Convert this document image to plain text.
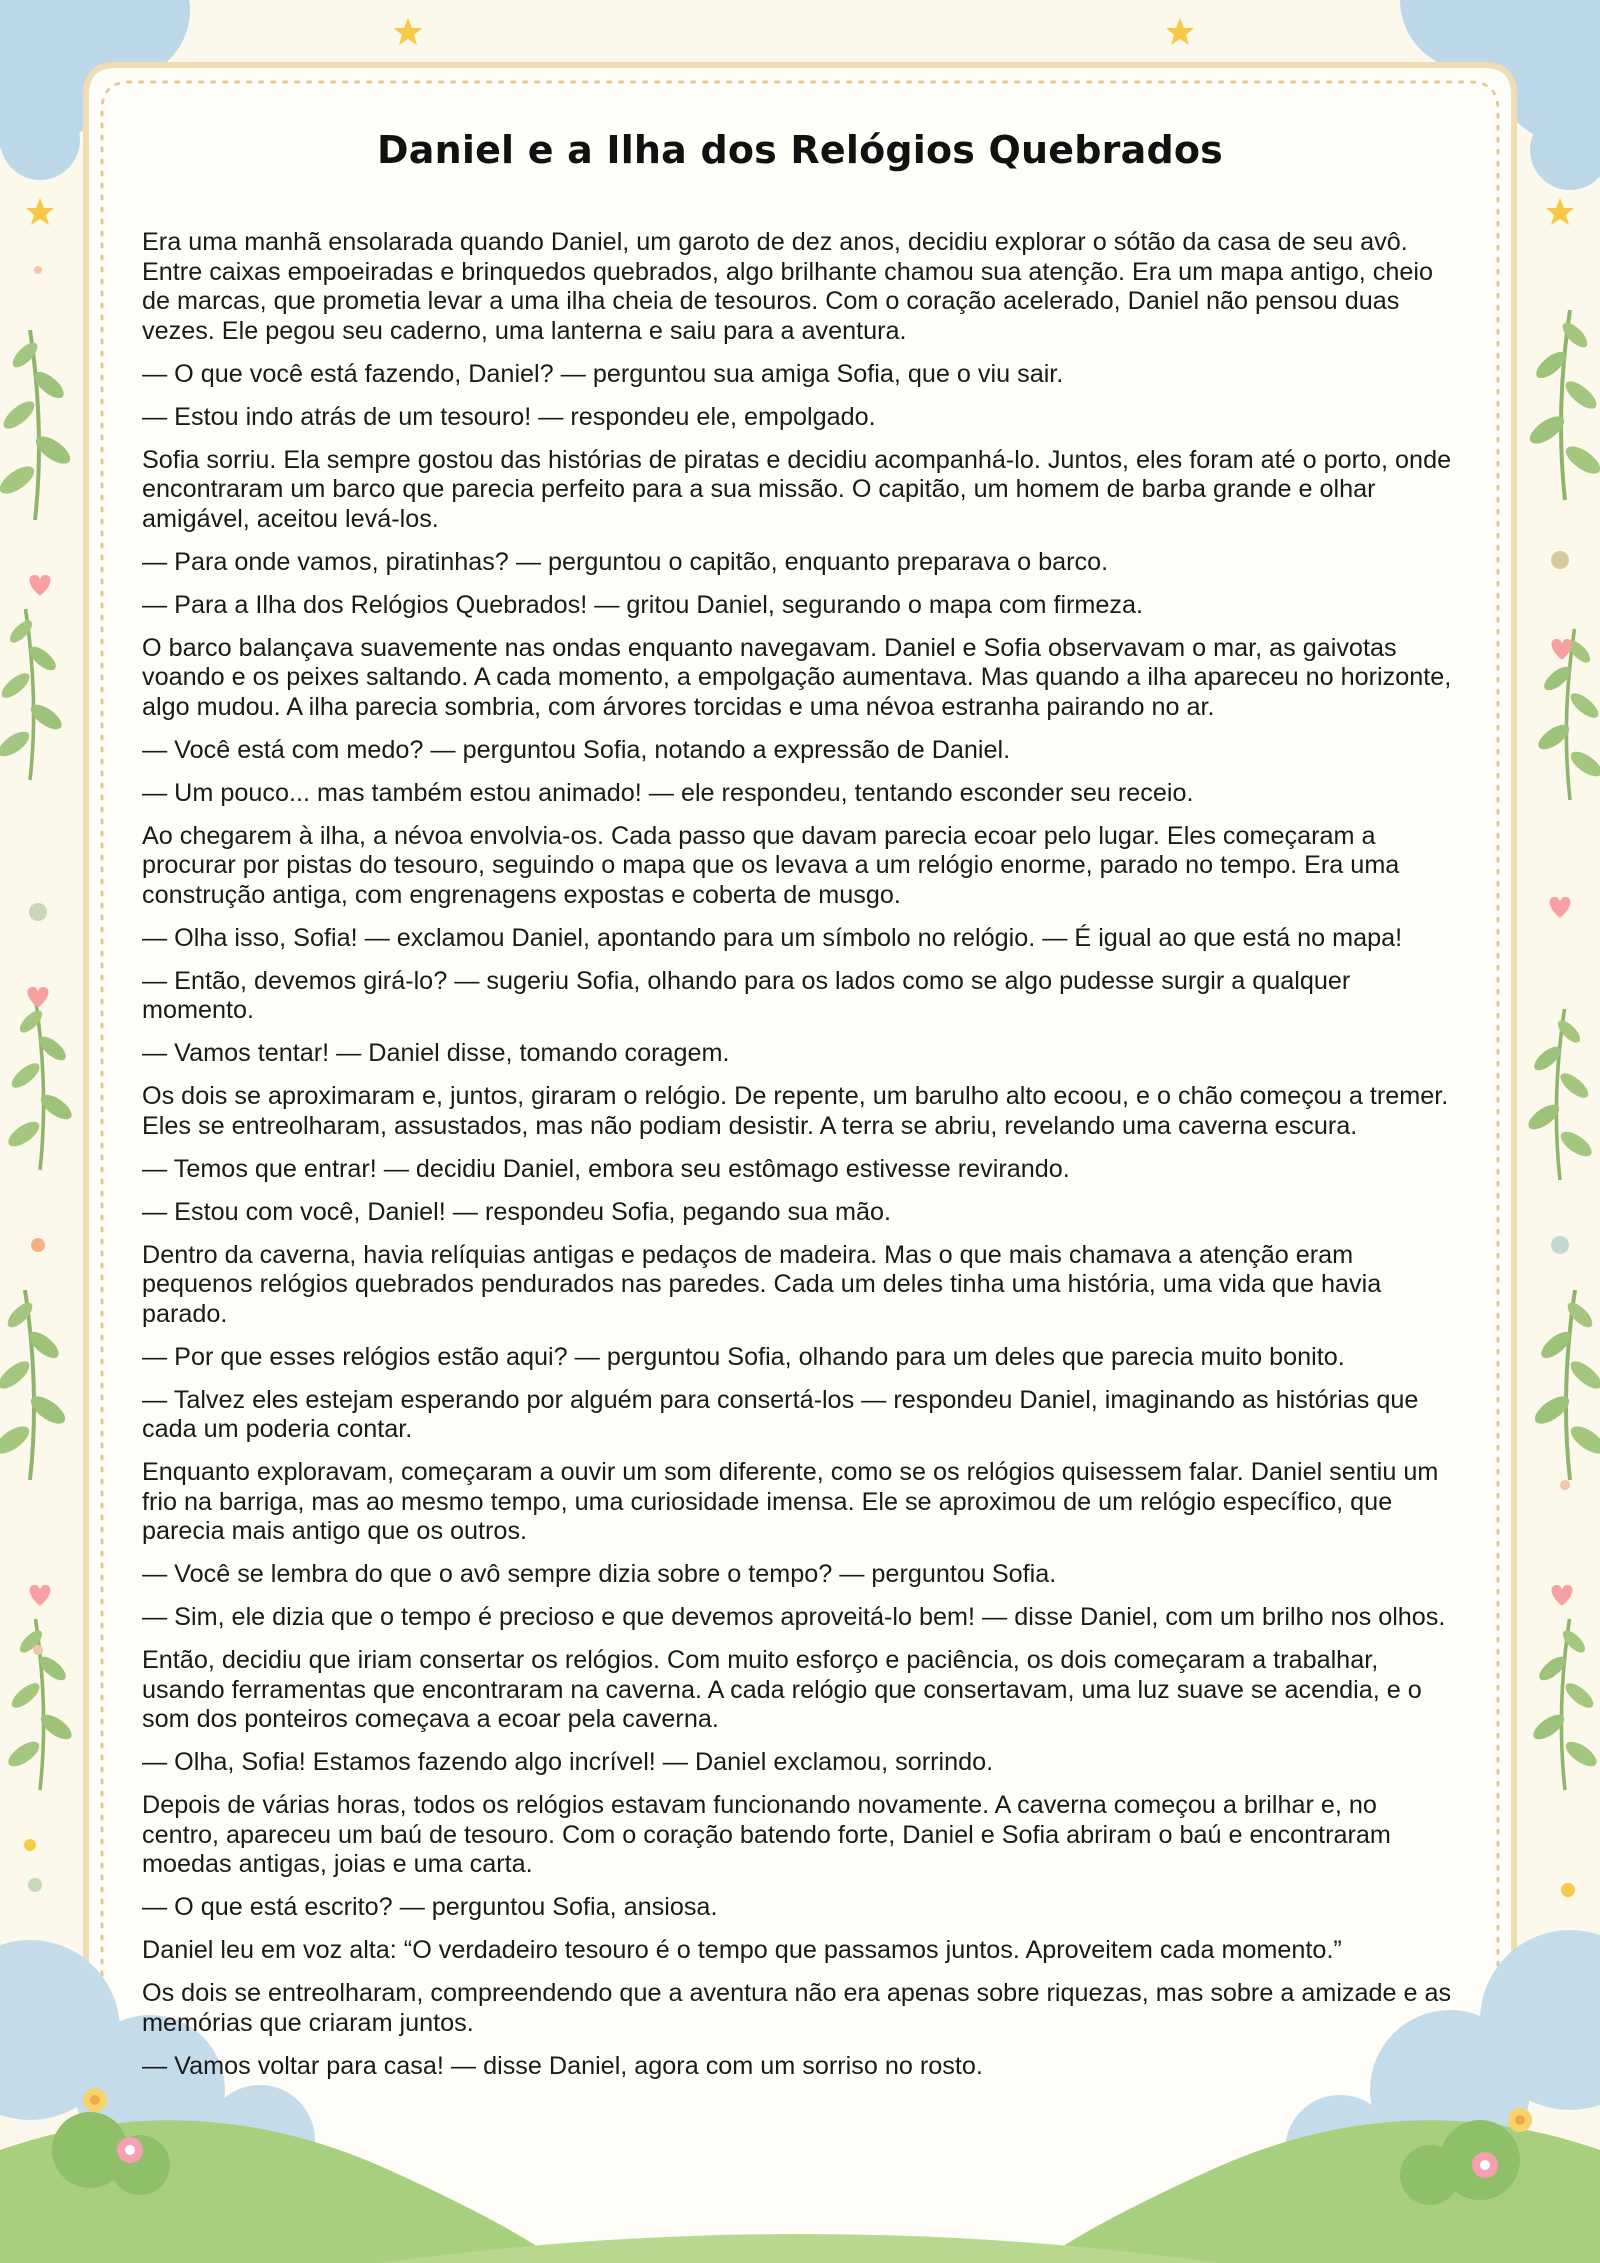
Daniel e a Ilha dos Relógios Quebrados

Era uma manhã ensolarada quando Daniel, um garoto de dez anos, decidiu explorar o sótão da casa de seu avô. Entre caixas empoeiradas e brinquedos quebrados, algo brilhante chamou sua atenção. Era um mapa antigo, cheio de marcas, que prometia levar a uma ilha cheia de tesouros. Com o coração acelerado, Daniel não pensou duas vezes. Ele pegou seu caderno, uma lanterna e saiu para a aventura.

— O que você está fazendo, Daniel? — perguntou sua amiga Sofia, que o viu sair.

— Estou indo atrás de um tesouro! — respondeu ele, empolgado.

Sofia sorriu. Ela sempre gostou das histórias de piratas e decidiu acompanhá-lo. Juntos, eles foram até o porto, onde encontraram um barco que parecia perfeito para a sua missão. O capitão, um homem de barba grande e olhar amigável, aceitou levá-los.

— Para onde vamos, piratinhas? — perguntou o capitão, enquanto preparava o barco.

— Para a Ilha dos Relógios Quebrados! — gritou Daniel, segurando o mapa com firmeza.

O barco balançava suavemente nas ondas enquanto navegavam. Daniel e Sofia observavam o mar, as gaivotas voando e os peixes saltando. A cada momento, a empolgação aumentava. Mas quando a ilha apareceu no horizonte, algo mudou. A ilha parecia sombria, com árvores torcidas e uma névoa estranha pairando no ar.

— Você está com medo? — perguntou Sofia, notando a expressão de Daniel.

— Um pouco... mas também estou animado! — ele respondeu, tentando esconder seu receio.

Ao chegarem à ilha, a névoa envolvia-os. Cada passo que davam parecia ecoar pelo lugar. Eles começaram a procurar por pistas do tesouro, seguindo o mapa que os levava a um relógio enorme, parado no tempo. Era uma construção antiga, com engrenagens expostas e coberta de musgo.

— Olha isso, Sofia! — exclamou Daniel, apontando para um símbolo no relógio. — É igual ao que está no mapa!

— Então, devemos girá-lo? — sugeriu Sofia, olhando para os lados como se algo pudesse surgir a qualquer momento.

— Vamos tentar! — Daniel disse, tomando coragem.

Os dois se aproximaram e, juntos, giraram o relógio. De repente, um barulho alto ecoou, e o chão começou a tremer. Eles se entreolharam, assustados, mas não podiam desistir. A terra se abriu, revelando uma caverna escura.

— Temos que entrar! — decidiu Daniel, embora seu estômago estivesse revirando.

— Estou com você, Daniel! — respondeu Sofia, pegando sua mão.

Dentro da caverna, havia relíquias antigas e pedaços de madeira. Mas o que mais chamava a atenção eram pequenos relógios quebrados pendurados nas paredes. Cada um deles tinha uma história, uma vida que havia parado.

— Por que esses relógios estão aqui? — perguntou Sofia, olhando para um deles que parecia muito bonito.

— Talvez eles estejam esperando por alguém para consertá-los — respondeu Daniel, imaginando as histórias que cada um poderia contar.

Enquanto exploravam, começaram a ouvir um som diferente, como se os relógios quisessem falar. Daniel sentiu um frio na barriga, mas ao mesmo tempo, uma curiosidade imensa. Ele se aproximou de um relógio específico, que parecia mais antigo que os outros.

— Você se lembra do que o avô sempre dizia sobre o tempo? — perguntou Sofia.

— Sim, ele dizia que o tempo é precioso e que devemos aproveitá-lo bem! — disse Daniel, com um brilho nos olhos.

Então, decidiu que iriam consertar os relógios. Com muito esforço e paciência, os dois começaram a trabalhar, usando ferramentas que encontraram na caverna. A cada relógio que consertavam, uma luz suave se acendia, e o som dos ponteiros começava a ecoar pela caverna.

— Olha, Sofia! Estamos fazendo algo incrível! — Daniel exclamou, sorrindo.

Depois de várias horas, todos os relógios estavam funcionando novamente. A caverna começou a brilhar e, no centro, apareceu um baú de tesouro. Com o coração batendo forte, Daniel e Sofia abriram o baú e encontraram moedas antigas, joias e uma carta.

— O que está escrito? — perguntou Sofia, ansiosa.

Daniel leu em voz alta: “O verdadeiro tesouro é o tempo que passamos juntos. Aproveitem cada momento.”

Os dois se entreolharam, compreendendo que a aventura não era apenas sobre riquezas, mas sobre a amizade e as memórias que criaram juntos.

— Vamos voltar para casa! — disse Daniel, agora com um sorriso no rosto.
